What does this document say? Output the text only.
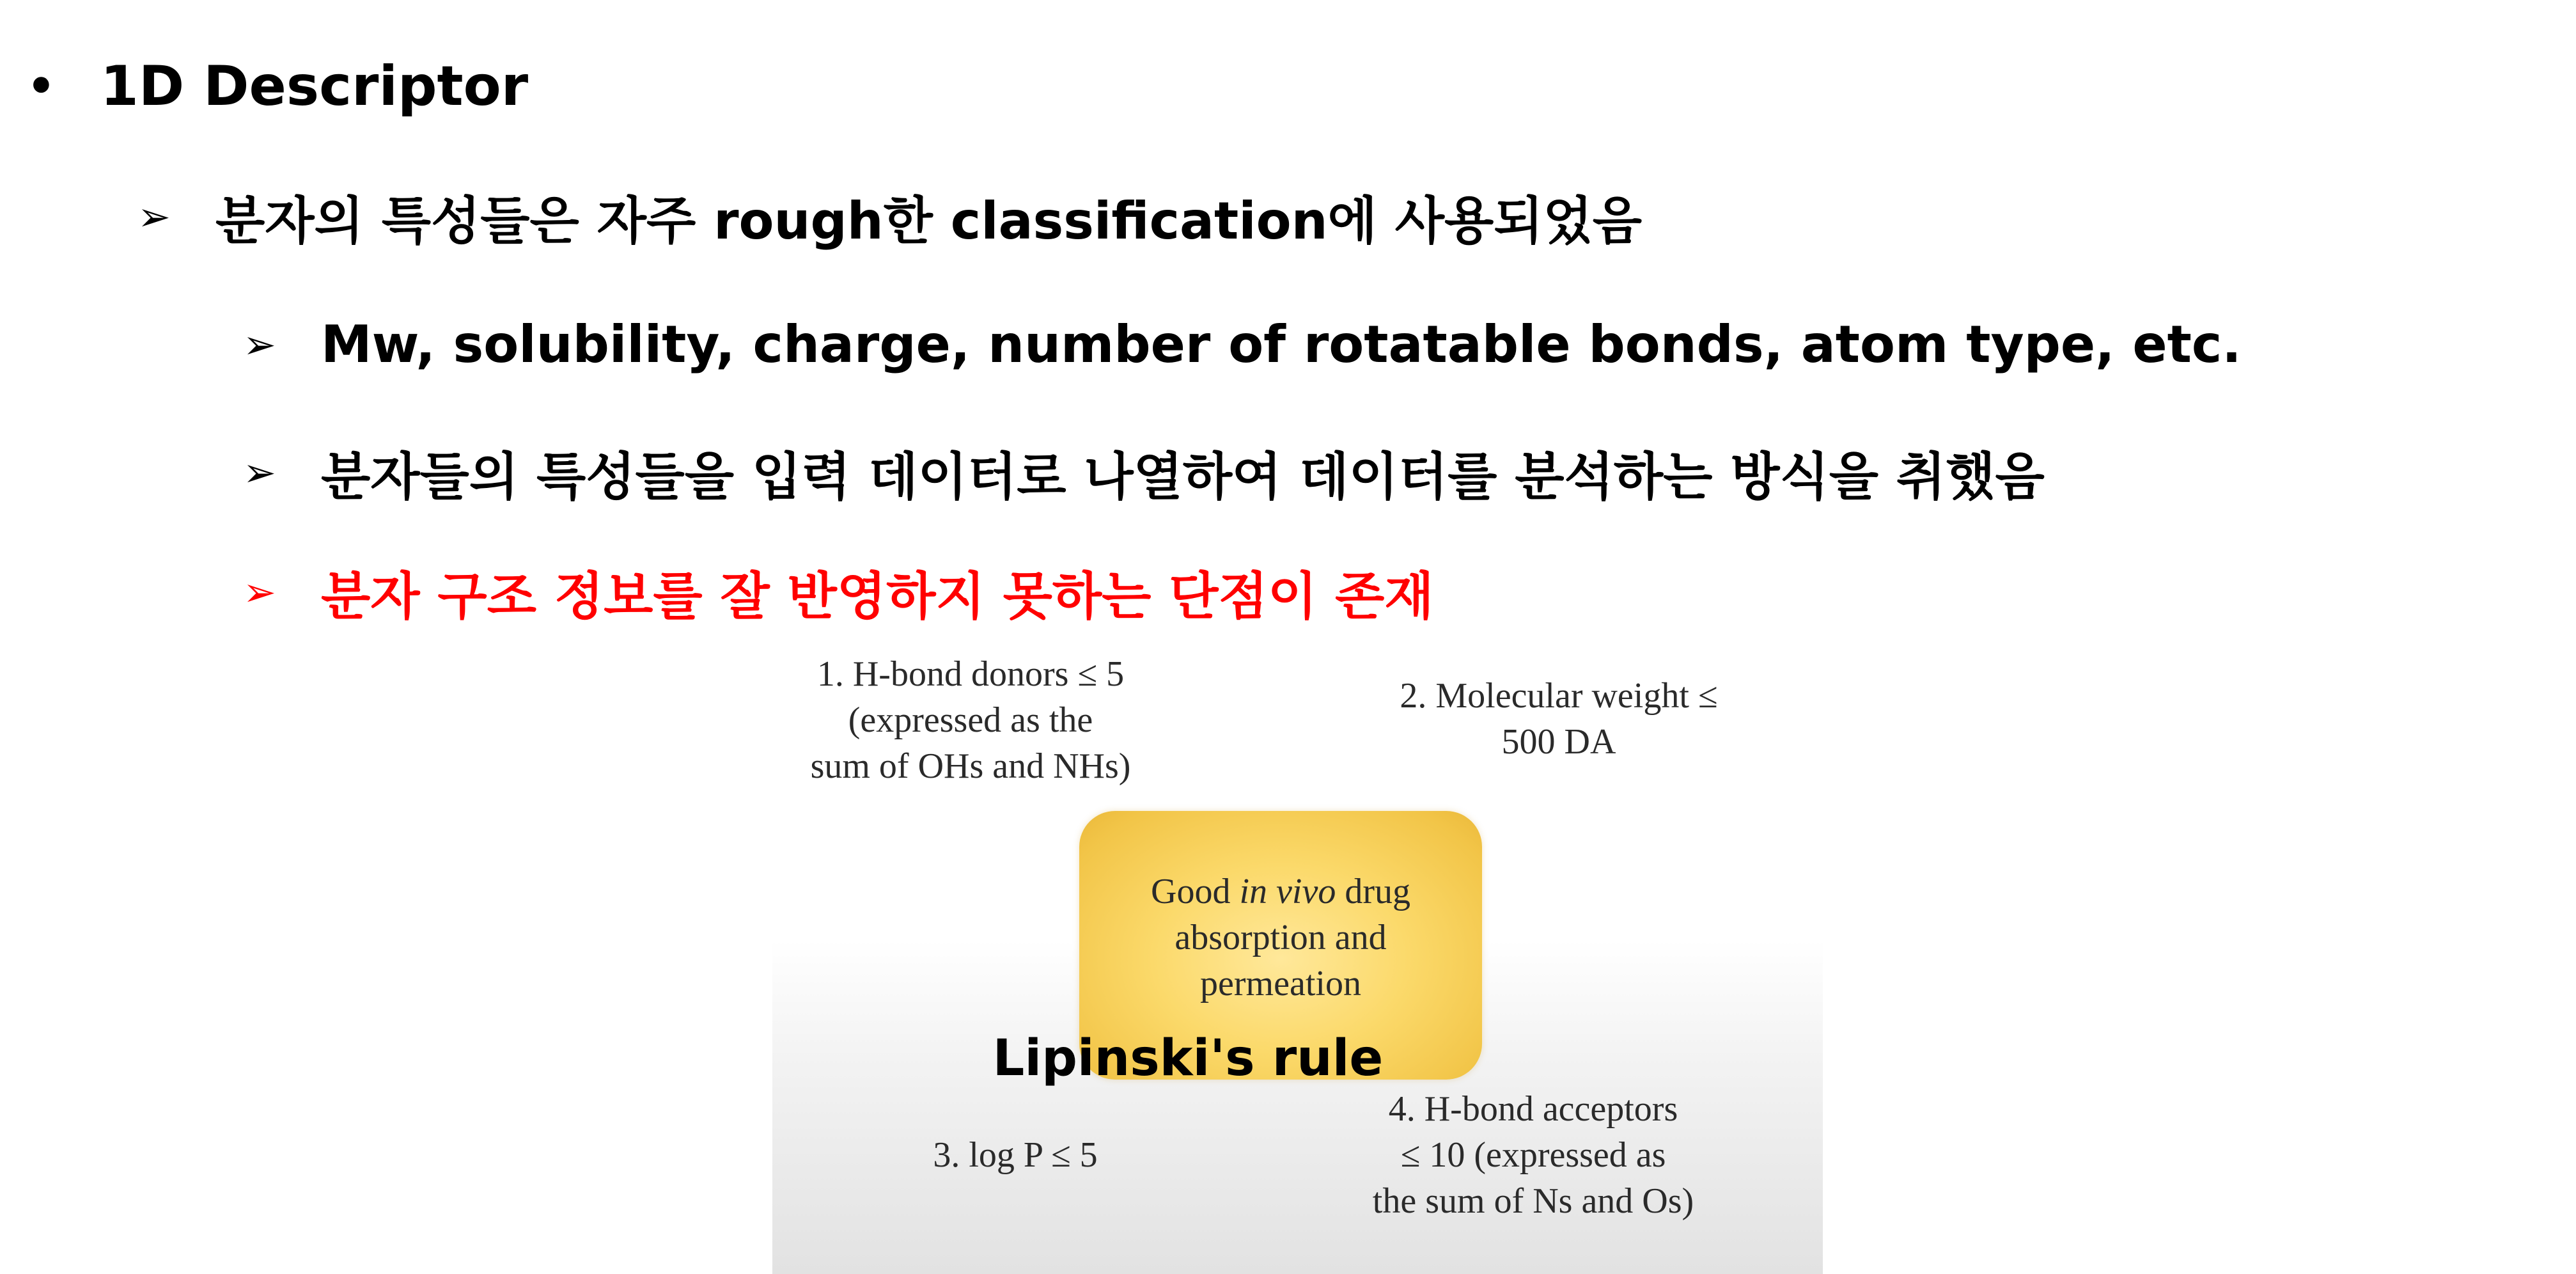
• 1D Descriptor
➢ 분자의 특성들은 자주 rough한 classification에 사용되었음
➢ Mw, solubility, charge, number of rotatable bonds, atom type, etc.
➢ 분자들의 특성들을 입력 데이터로 나열하여 데이터를 분석하는 방식을 취했음
➢ 분자 구조 정보를 잘 반영하지 못하는 단점이 존재
1. H-bond donors ≤ 5
(expressed as the
sum of OHs and NHs)
2. Molecular weight ≤
500 DA
Good in vivo drug
absorption and
permeation
Lipinski's rule
3. log P ≤ 5
4. H-bond acceptors
≤ 10 (expressed as
the sum of Ns and Os)
